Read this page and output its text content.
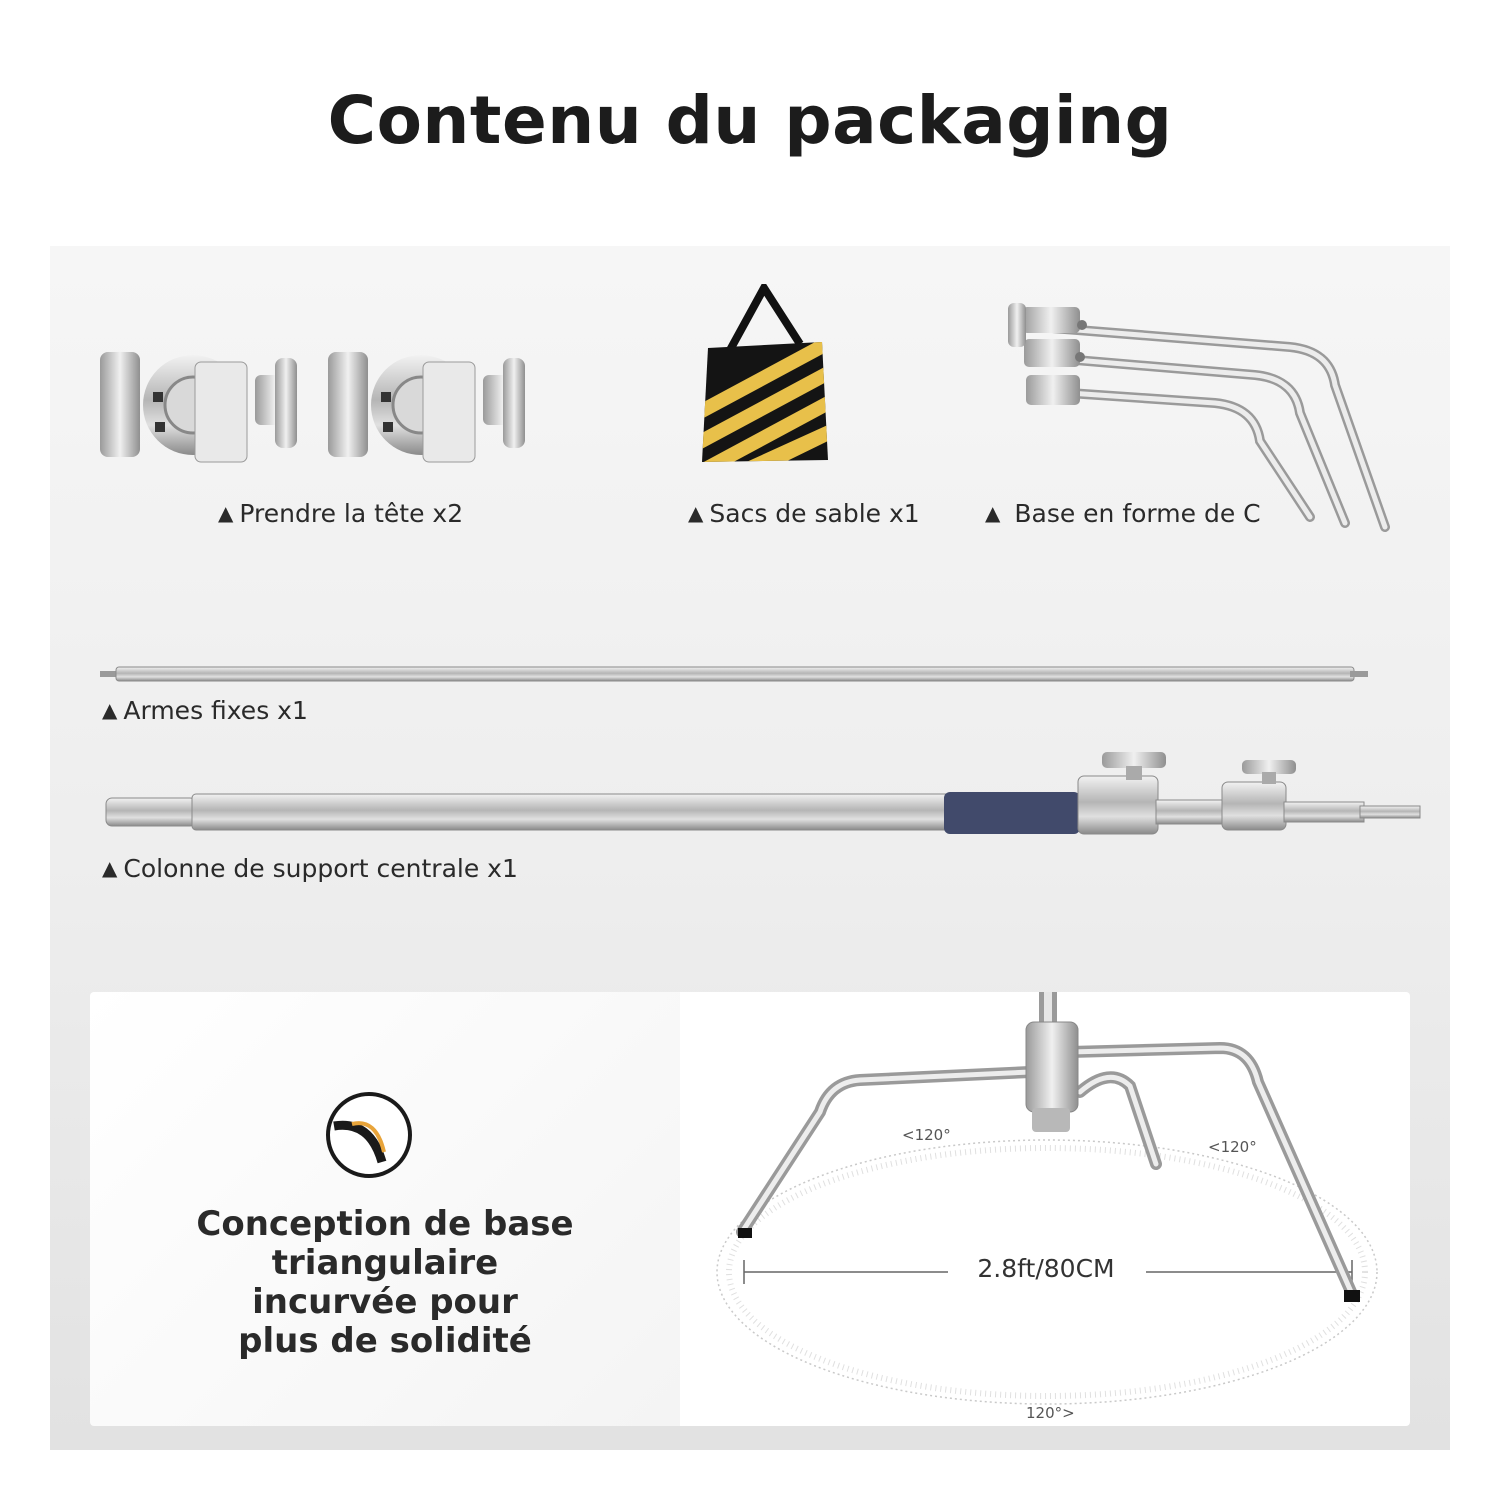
Contenu du packaging
▲ Prendre la tête x2	▲ Sacs de sable x1	▲ Base en forme de C
▲ Armes fixes x1
▲ Colonne de support centrale x1
Conception de base
triangulaire
incurvée pour
plus de solidité
2.8ft/80CM
<120°
<120°
120°>
